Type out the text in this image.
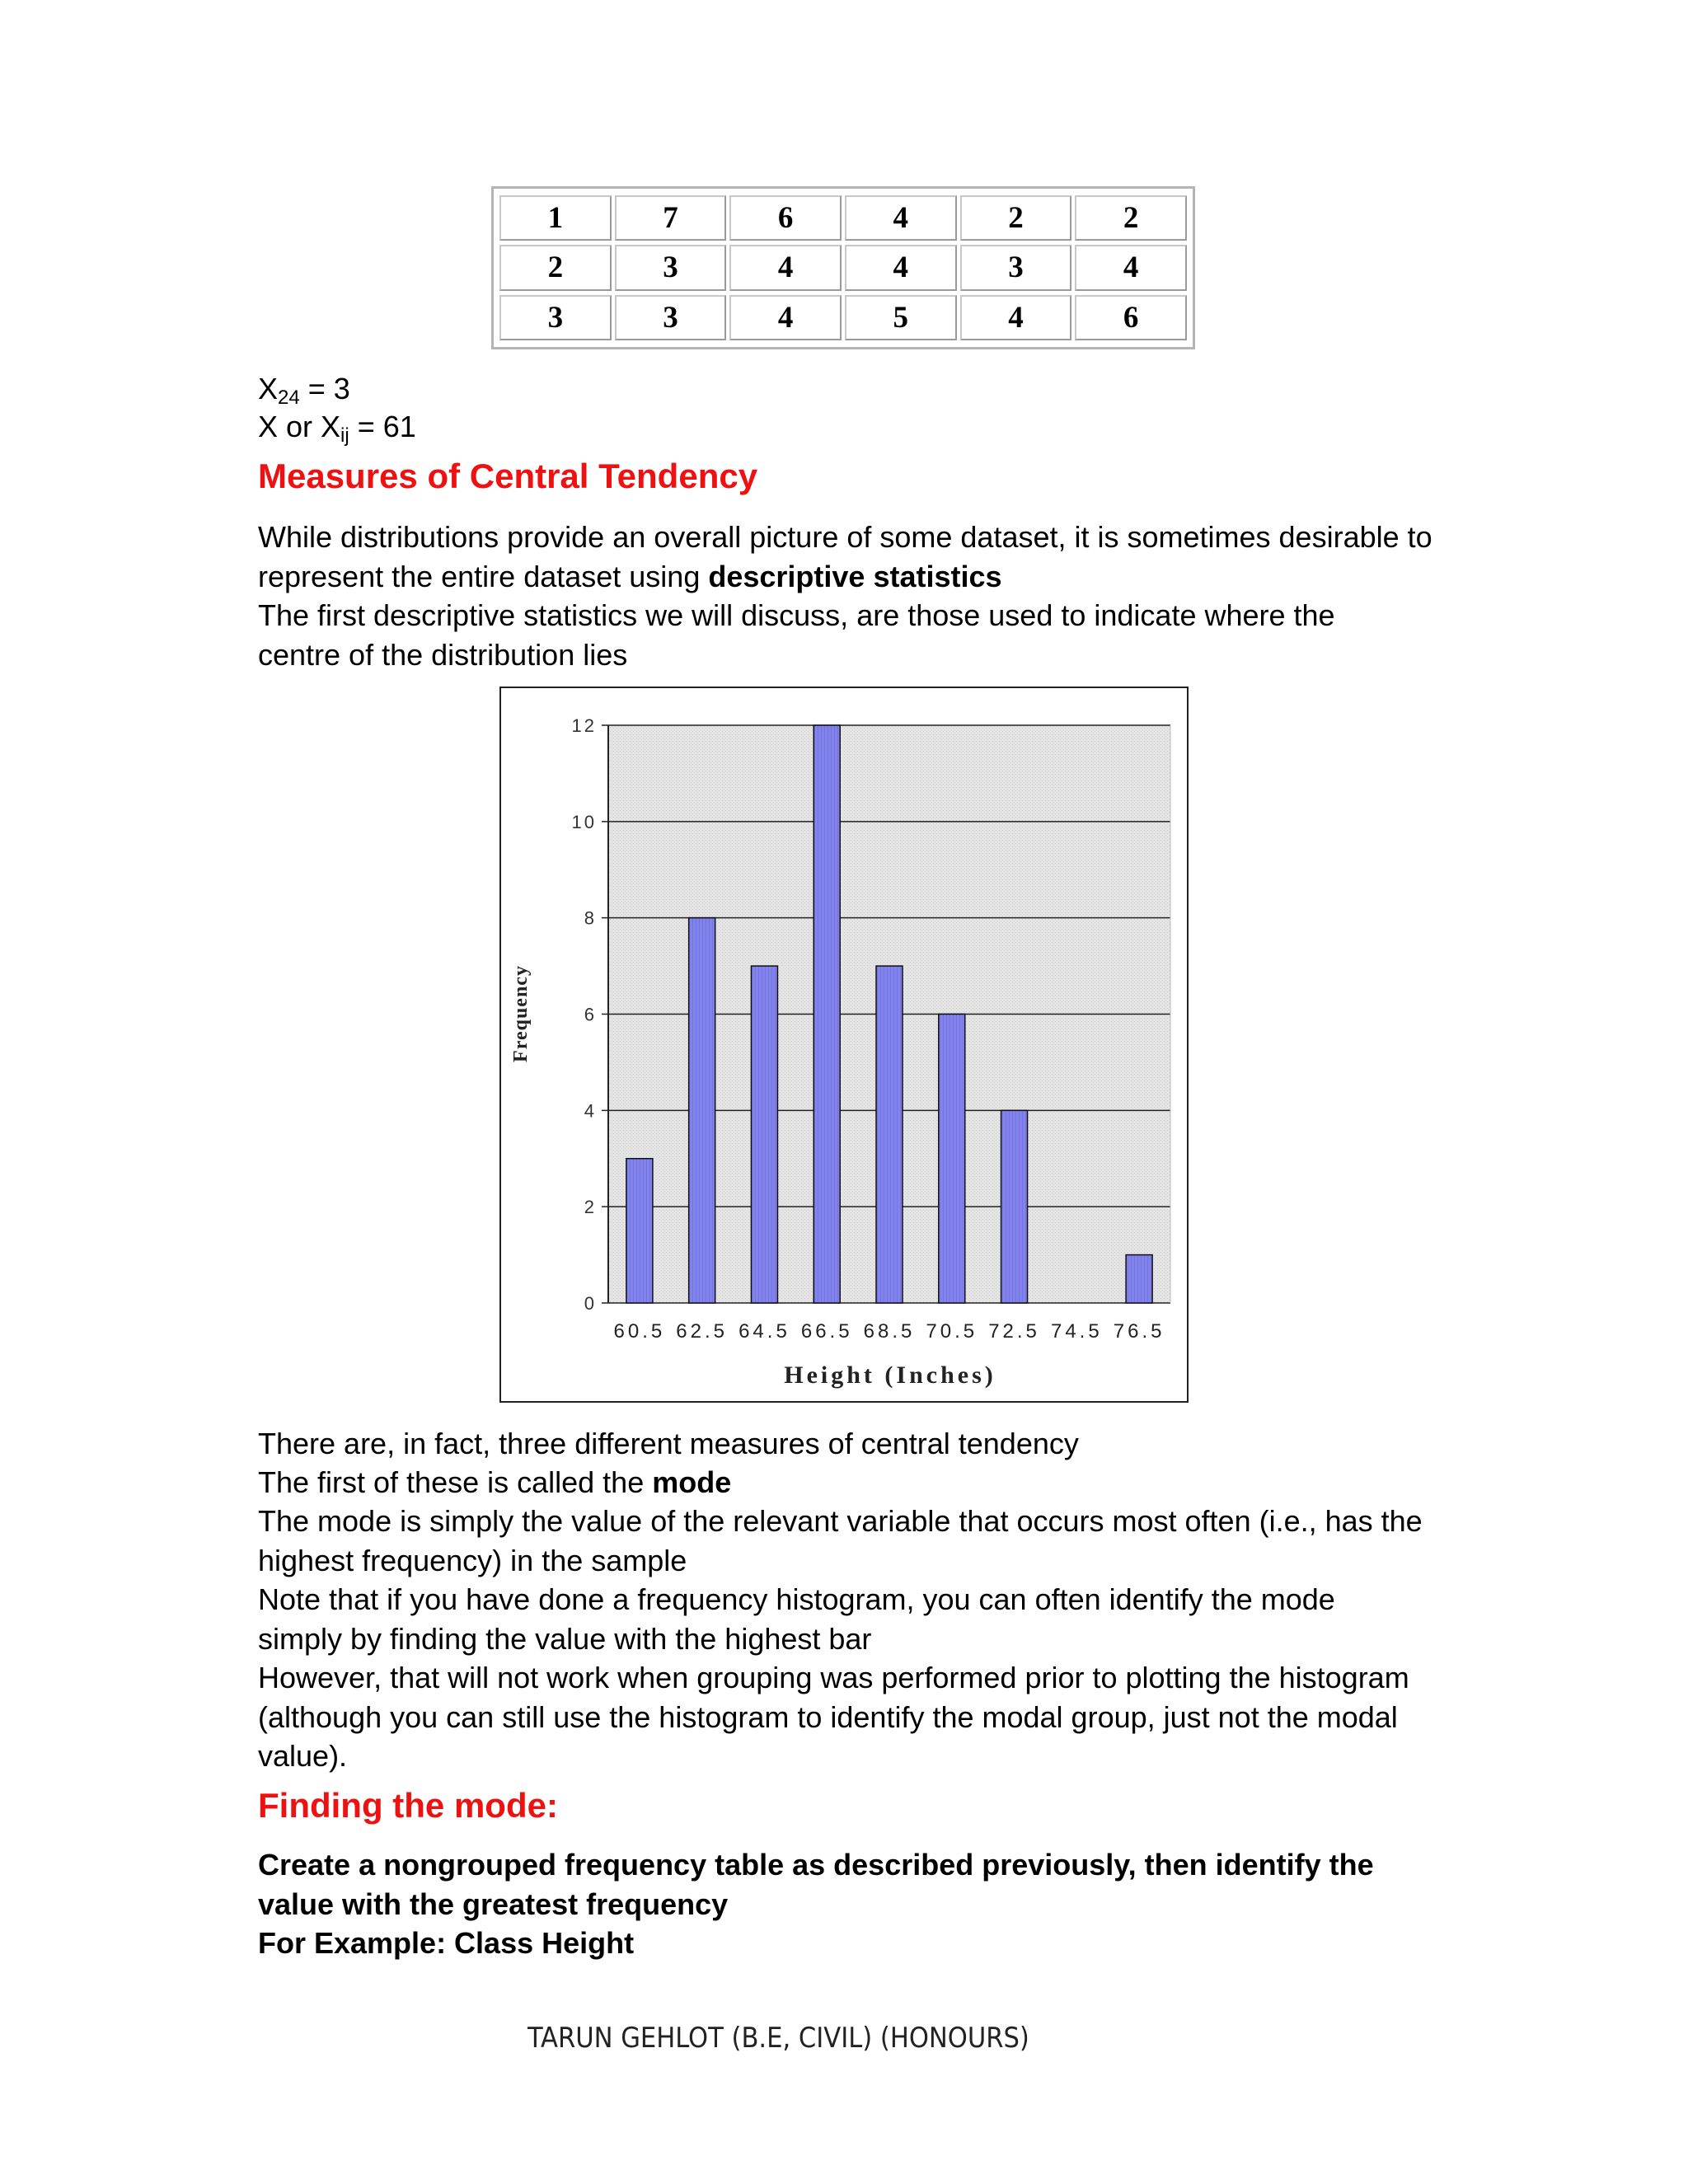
1	7	6	4	2	2
2	3	4	4	3	4
3	3	4	5	4	6
$X_{24} = 3$
X or $X_{ij} = 61$
Measures of Central Tendency
While distributions provide an overall picture of some dataset, it is sometimes desirable to represent the entire dataset using descriptive statistics
The first descriptive statistics we will discuss, are those used to indicate where the centre of the distribution lies
0
2
4
6
8
10
12
60.5 62.5 64.5 66.5 68.5 70.5 72.5 74.5 76.5
Frequency
Height (Inches)
There are, in fact, three different measures of central tendency
The first of these is called the mode
The mode is simply the value of the relevant variable that occurs most often (i.e., has the highest frequency) in the sample
Note that if you have done a frequency histogram, you can often identify the mode simply by finding the value with the highest bar
However, that will not work when grouping was performed prior to plotting the histogram (although you can still use the histogram to identify the modal group, just not the modal value).
Finding the mode:
Create a nongrouped frequency table as described previously, then identify the value with the greatest frequency
For Example: Class Height
TARUN GEHLOT (B.E, CIVIL) (HONOURS)
